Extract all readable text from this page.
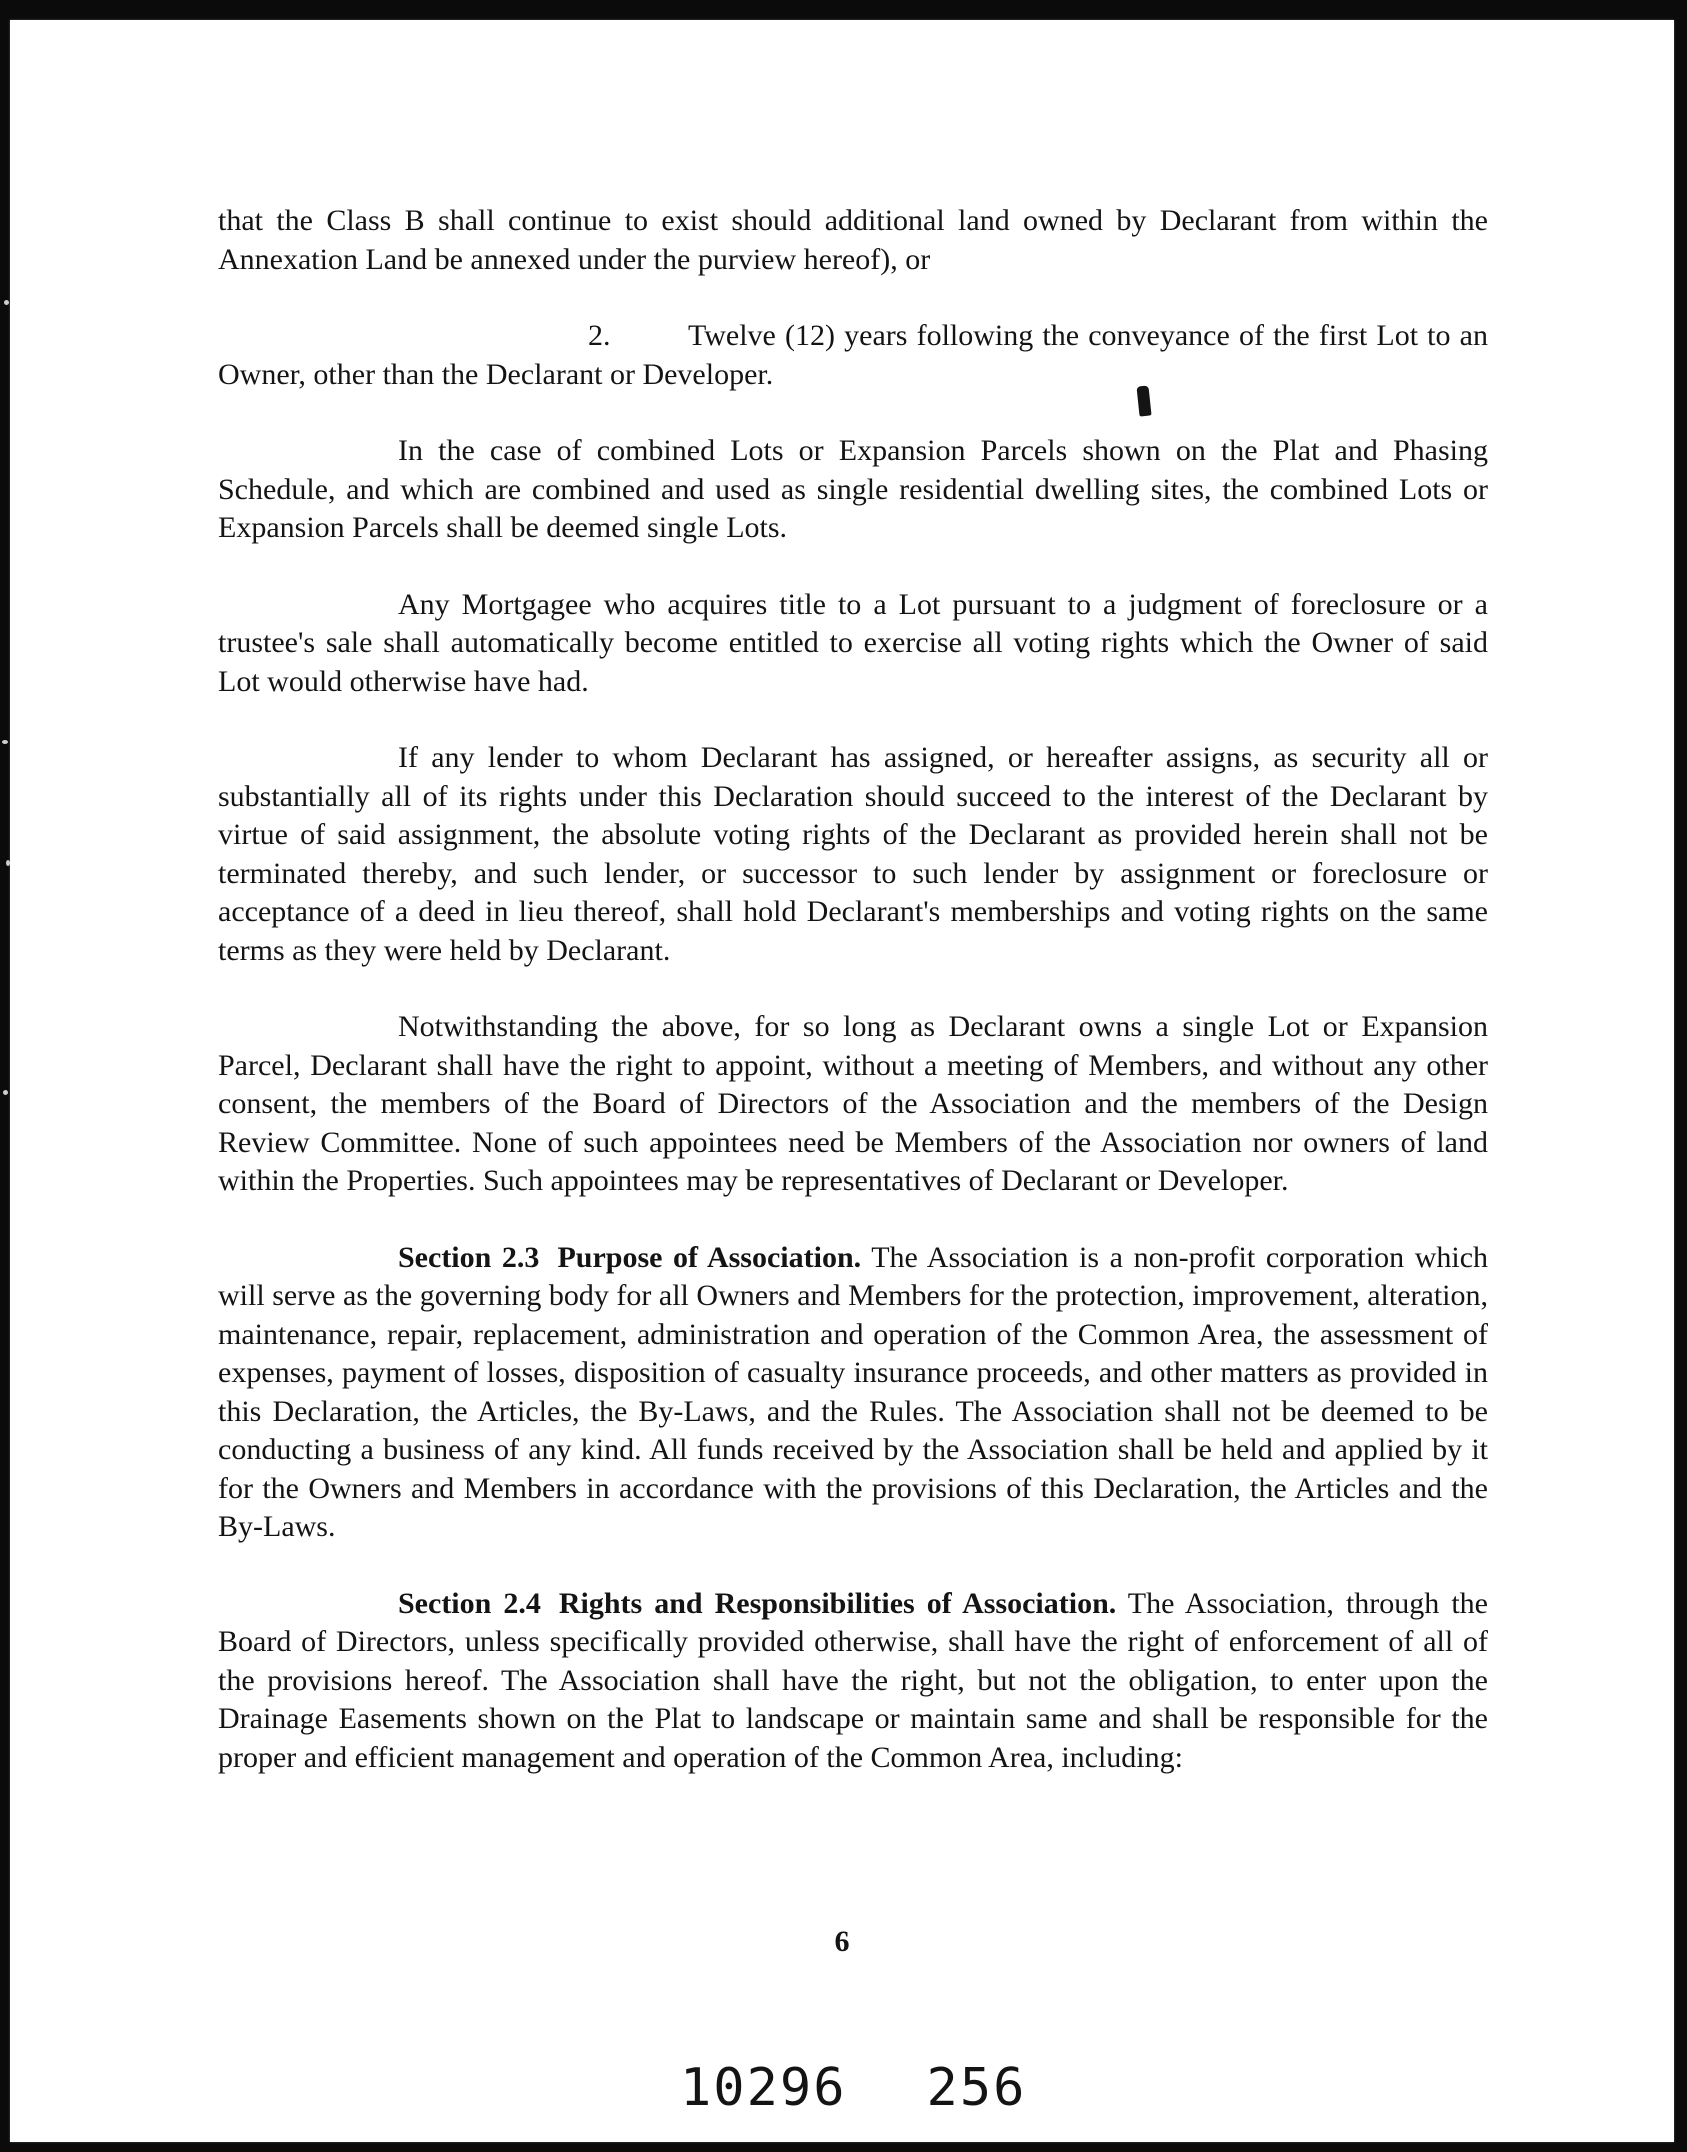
that the Class B shall continue to exist should additional land owned by Declarant from within the Annexation Land be annexed under the purview hereof), or

2.	Twelve (12) years following the conveyance of the first Lot to an Owner, other than the Declarant or Developer.

In the case of combined Lots or Expansion Parcels shown on the Plat and Phasing Schedule, and which are combined and used as single residential dwelling sites, the combined Lots or Expansion Parcels shall be deemed single Lots.

Any Mortgagee who acquires title to a Lot pursuant to a judgment of foreclosure or a trustee's sale shall automatically become entitled to exercise all voting rights which the Owner of said Lot would otherwise have had.

If any lender to whom Declarant has assigned, or hereafter assigns, as security all or substantially all of its rights under this Declaration should succeed to the interest of the Declarant by virtue of said assignment, the absolute voting rights of the Declarant as provided herein shall not be terminated thereby, and such lender, or successor to such lender by assignment or foreclosure or acceptance of a deed in lieu thereof, shall hold Declarant's memberships and voting rights on the same terms as they were held by Declarant.

Notwithstanding the above, for so long as Declarant owns a single Lot or Expansion Parcel, Declarant shall have the right to appoint, without a meeting of Members, and without any other consent, the members of the Board of Directors of the Association and the members of the Design Review Committee. None of such appointees need be Members of the Association nor owners of land within the Properties. Such appointees may be representatives of Declarant or Developer.

Section 2.3 Purpose of Association. The Association is a non-profit corporation which will serve as the governing body for all Owners and Members for the protection, improvement, alteration, maintenance, repair, replacement, administration and operation of the Common Area, the assessment of expenses, payment of losses, disposition of casualty insurance proceeds, and other matters as provided in this Declaration, the Articles, the By-Laws, and the Rules. The Association shall not be deemed to be conducting a business of any kind. All funds received by the Association shall be held and applied by it for the Owners and Members in accordance with the provisions of this Declaration, the Articles and the By-Laws.

Section 2.4 Rights and Responsibilities of Association. The Association, through the Board of Directors, unless specifically provided otherwise, shall have the right of enforcement of all of the provisions hereof. The Association shall have the right, but not the obligation, to enter upon the Drainage Easements shown on the Plat to landscape or maintain same and shall be responsible for the proper and efficient management and operation of the Common Area, including:

6
10296 256
